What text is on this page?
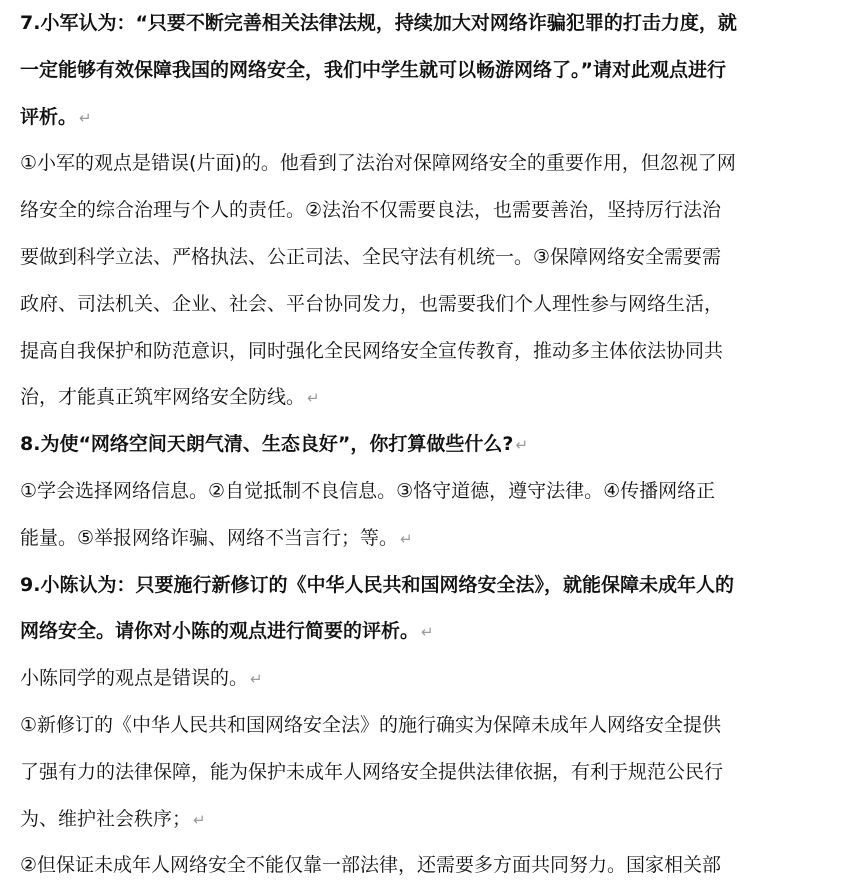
7.小军认为：“只要不断完善相关法律法规，持续加大对网络诈骗犯罪的打击力度，就
一定能够有效保障我国的网络安全，我们中学生就可以畅游网络了。”请对此观点进行
评析。 ↵
①小军的观点是错误(片面)的。他看到了法治对保障网络安全的重要作用，但忽视了网
络安全的综合治理与个人的责任。②法治不仅需要良法，也需要善治，坚持厉行法治
要做到科学立法、严格执法、公正司法、全民守法有机统一。③保障网络安全需要需
政府、司法机关、企业、社会、平台协同发力，也需要我们个人理性参与网络生活，
提高自我保护和防范意识，同时强化全民网络安全宣传教育，推动多主体依法协同共
治，才能真正筑牢网络安全防线。 ↵
8.为使“网络空间天朗气清、生态良好”，你打算做些什么? ↵
①学会选择网络信息。②自觉抵制不良信息。③恪守道德，遵守法律。④传播网络正
能量。⑤举报网络诈骗、网络不当言行；等。 ↵
9.小陈认为：只要施行新修订的《中华人民共和国网络安全法》，就能保障未成年人的
网络安全。请你对小陈的观点进行简要的评析。 ↵
小陈同学的观点是错误的。 ↵
①新修订的《中华人民共和国网络安全法》的施行确实为保障未成年人网络安全提供
了强有力的法律保障，能为保护未成年人网络安全提供法律依据，有利于规范公民行
为、维护社会秩序； ↵
②但保证未成年人网络安全不能仅靠一部法律，还需要多方面共同努力。国家相关部
